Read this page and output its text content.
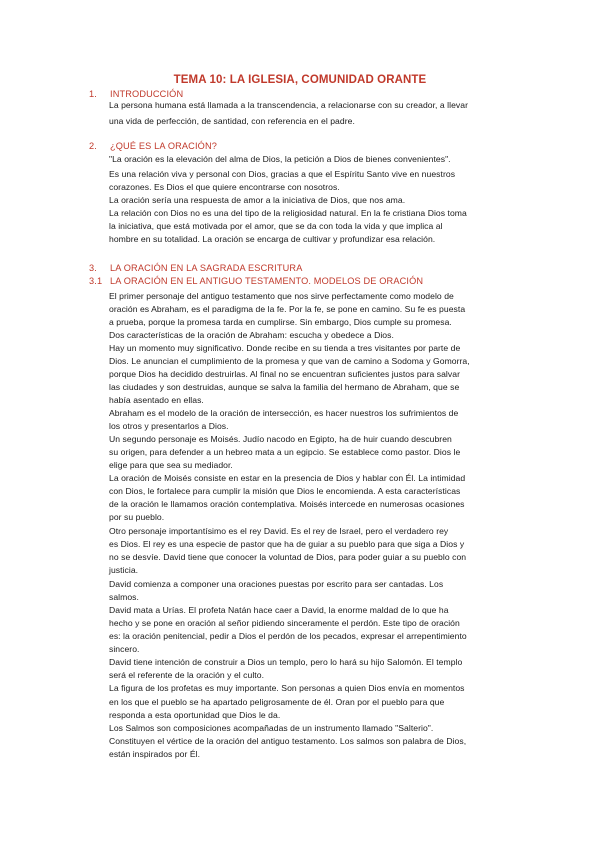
TEMA 10: LA IGLESIA, COMUNIDAD ORANTE
1. INTRODUCCIÓN
La persona humana está llamada a la transcendencia, a relacionarse con su creador, a llevar
una vida de perfección, de santidad, con referencia en el padre.
2. ¿QUÉ ES LA ORACIÓN?
"La oración es la elevación del alma de Dios, la petición a Dios de bienes convenientes".
Es una relación viva y personal con Dios, gracias a que el Espíritu Santo vive en nuestros
corazones. Es Dios el que quiere encontrarse con nosotros.
La oración sería una respuesta de amor a la iniciativa de Dios, que nos ama.
La relación con Dios no es una del tipo de la religiosidad natural. En la fe cristiana Dios toma
la iniciativa, que está motivada por el amor, que se da con toda la vida y que implica al
hombre en su totalidad. La oración se encarga de cultivar y profundizar esa relación.
3. LA ORACIÓN EN LA SAGRADA ESCRITURA
3.1 LA ORACIÓN EN EL ANTIGUO TESTAMENTO. MODELOS DE ORACIÓN
El primer personaje del antiguo testamento que nos sirve perfectamente como modelo de
oración es Abraham, es el paradigma de la fe. Por la fe, se pone en camino. Su fe es puesta
a prueba, porque la promesa tarda en cumplirse. Sin embargo, Dios cumple su promesa.
Dos características de la oración de Abraham: escucha y obedece a Dios.
Hay un momento muy significativo. Donde recibe en su tienda a tres visitantes por parte de
Dios. Le anuncian el cumplimiento de la promesa y que van de camino a Sodoma y Gomorra,
porque Dios ha decidido destruirlas. Al final no se encuentran suficientes justos para salvar
las ciudades y son destruidas, aunque se salva la familia del hermano de Abraham, que se
había asentado en ellas.
Abraham es el modelo de la oración de intersección, es hacer nuestros los sufrimientos de
los otros y presentarlos a Dios.
Un segundo personaje es Moisés. Judío nacodo en Egipto, ha de huir cuando descubren
su origen, para defender a un hebreo mata a un egipcio. Se establece como pastor. Dios le
elige para que sea su mediador.
La oración de Moisés consiste en estar en la presencia de Dios y hablar con Él. La intimidad
con Dios, le fortalece para cumplir la misión que Dios le encomienda. A esta características
de la oración le llamamos oración contemplativa. Moisés intercede en numerosas ocasiones
por su pueblo.
Otro personaje importantísimo es el rey David. Es el rey de Israel, pero el verdadero rey
es Dios. El rey es una especie de pastor que ha de guiar a su pueblo para que siga a Dios y
no se desvíe. David tiene que conocer la voluntad de Dios, para poder guiar a su pueblo con
justicia.
David comienza a componer una oraciones puestas por escrito para ser cantadas. Los
salmos.
David mata a Urías. El profeta Natán hace caer a David, la enorme maldad de lo que ha
hecho y se pone en oración al señor pidiendo sinceramente el perdón. Este tipo de oración
es: la oración penitencial, pedir a Dios el perdón de los pecados, expresar el arrepentimiento
sincero.
David tiene intención de construir a Dios un templo, pero lo hará su hijo Salomón. El templo
será el referente de la oración y el culto.
La figura de los profetas es muy importante. Son personas a quien Dios envía en momentos
en los que el pueblo se ha apartado peligrosamente de él. Oran por el pueblo para que
responda a esta oportunidad que Dios le da.
Los Salmos son composiciones acompañadas de un instrumento llamado "Salterio".
Constituyen el vértice de la oración del antiguo testamento. Los salmos son palabra de Dios,
están inspirados por Él.
